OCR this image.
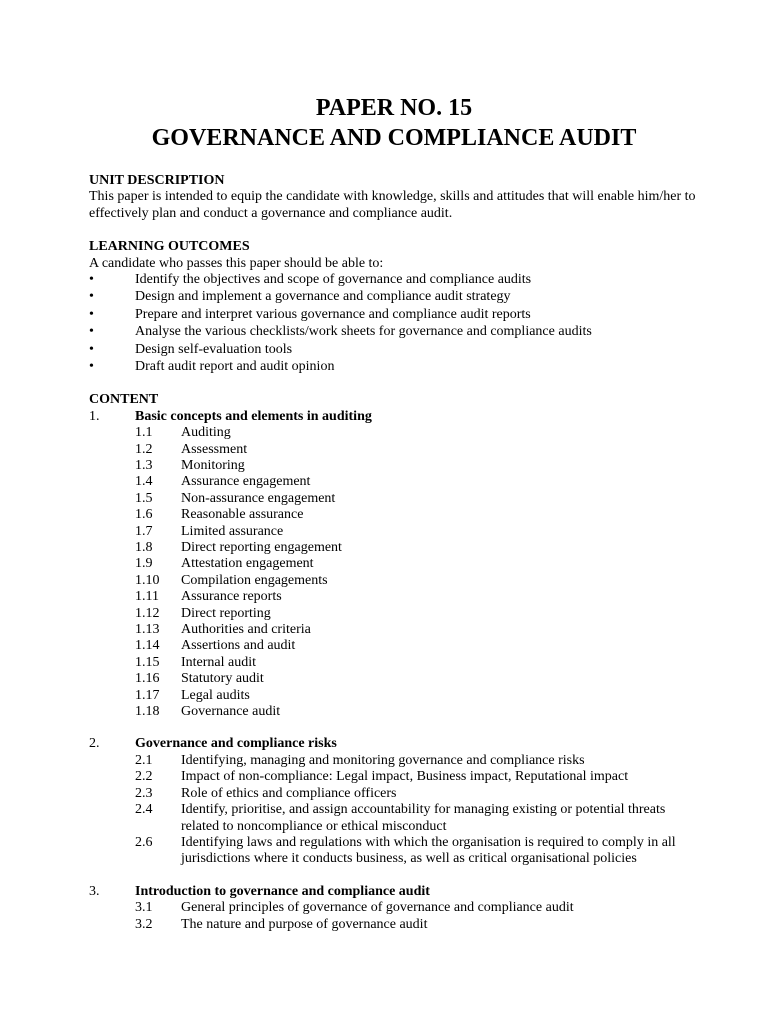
PAPER NO. 15
GOVERNANCE AND COMPLIANCE AUDIT
UNIT DESCRIPTION

This paper is intended to equip the candidate with knowledge, skills and attitudes that will enable him/her to effectively plan and conduct a governance and compliance audit.

LEARNING OUTCOMES

A candidate who passes this paper should be able to:

•	Identify the objectives and scope of governance and compliance audits
•	Design and implement a governance and compliance audit strategy
•	Prepare and interpret various governance and compliance audit reports
•	Analyse the various checklists/work sheets for governance and compliance audits
•	Design self-evaluation tools
•	Draft audit report and audit opinion
CONTENT
1.	Basic concepts and elements in auditing
1.1 Auditing
1.2 Assessment
1.3 Monitoring
1.4 Assurance engagement
1.5 Non-assurance engagement
1.6 Reasonable assurance
1.7 Limited assurance
1.8 Direct reporting engagement
1.9 Attestation engagement
1.10 Compilation engagements
1.11 Assurance reports
1.12 Direct reporting
1.13 Authorities and criteria
1.14 Assertions and audit
1.15 Internal audit
1.16 Statutory audit
1.17 Legal audits
1.18 Governance audit
2.	Governance and compliance risks
2.1 Identifying, managing and monitoring governance and compliance risks
2.2 Impact of non-compliance: Legal impact, Business impact, Reputational impact
2.3 Role of ethics and compliance officers
2.4 Identify, prioritise, and assign accountability for managing existing or potential threats related to noncompliance or ethical misconduct
2.6 Identifying laws and regulations with which the organisation is required to comply in all jurisdictions where it conducts business, as well as critical organisational policies
3.	Introduction to governance and compliance audit
3.1 General principles of governance of governance and compliance audit
3.2 The nature and purpose of governance audit
